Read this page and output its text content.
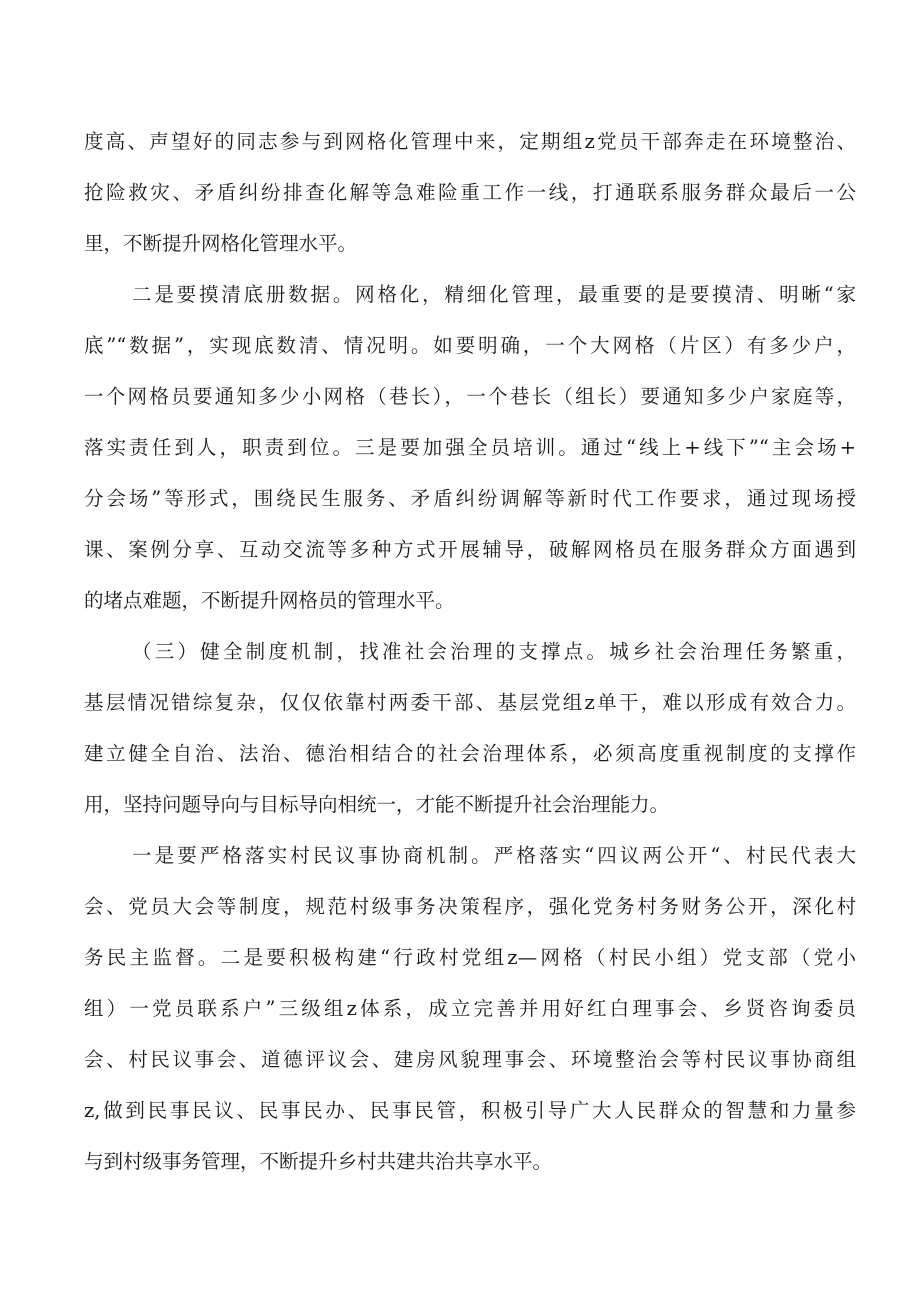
度高、声望好的同志参与到网格化管理中来，定期组z党员干部奔走在环境整治、
抢险救灾、矛盾纠纷排查化解等急难险重工作一线，打通联系服务群众最后一公
里，不断提升网格化管理水平。
二是要摸清底册数据。网格化，精细化管理，最重要的是要摸清、明晰“家
底”“数据”，实现底数清、情况明。如要明确，一个大网格（片区）有多少户，
一个网格员要通知多少小网格（巷长），一个巷长（组长）要通知多少户家庭等，
落实责任到人，职责到位。三是要加强全员培训。通过“线上+线下”“主会场+
分会场”等形式，围绕民生服务、矛盾纠纷调解等新时代工作要求，通过现场授
课、案例分享、互动交流等多种方式开展辅导，破解网格员在服务群众方面遇到
的堵点难题，不断提升网格员的管理水平。
（三）健全制度机制，找准社会治理的支撑点。城乡社会治理任务繁重，
基层情况错综复杂，仅仅依靠村两委干部、基层党组z单干，难以形成有效合力。
建立健全自治、法治、德治相结合的社会治理体系，必须高度重视制度的支撑作
用，坚持问题导向与目标导向相统一，才能不断提升社会治理能力。
一是要严格落实村民议事协商机制。严格落实“四议两公开“、村民代表大
会、党员大会等制度，规范村级事务决策程序，强化党务村务财务公开，深化村
务民主监督。二是要积极构建“行政村党组z—网格（村民小组）党支部（党小
组）一党员联系户”三级组z体系，成立完善并用好红白理事会、乡贤咨询委员
会、村民议事会、道德评议会、建房风貌理事会、环境整治会等村民议事协商组
z,做到民事民议、民事民办、民事民管，积极引导广大人民群众的智慧和力量参
与到村级事务管理，不断提升乡村共建共治共享水平。
